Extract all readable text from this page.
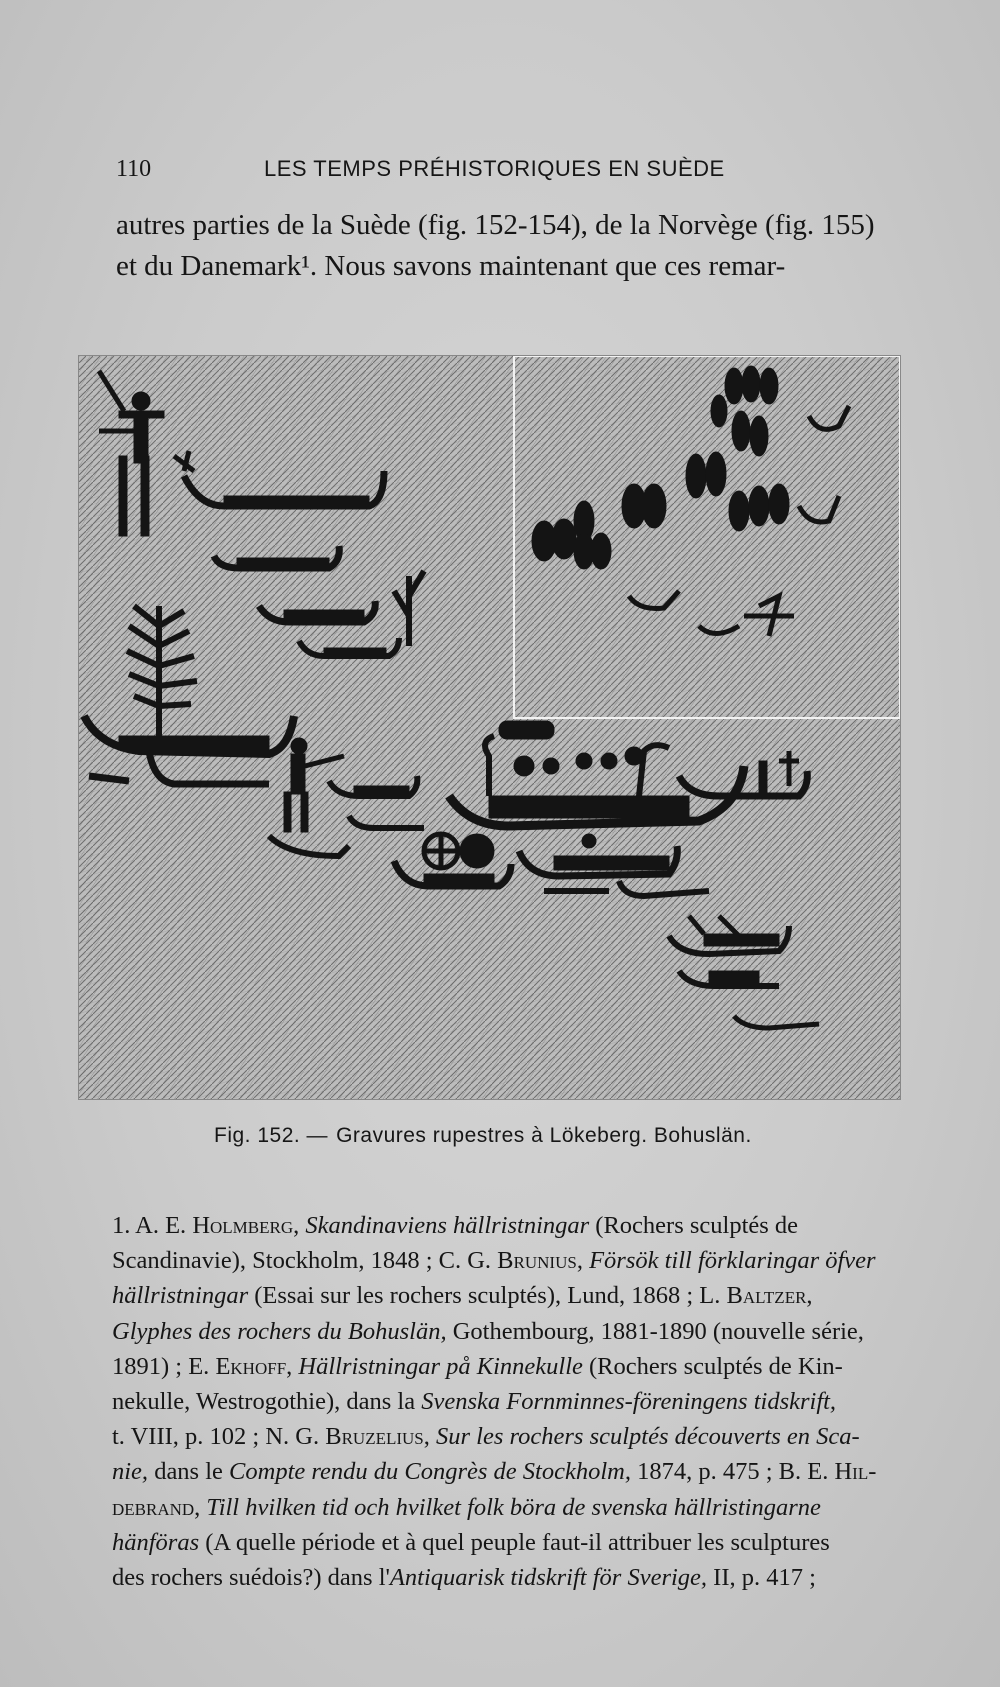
110	LES TEMPS PRÉHISTORIQUES EN SUÈDE

autres parties de la Suède (fig. 152-154), de la Norvège (fig. 155)

et du Danemark¹. Nous savons maintenant que ces remar-

Fig. 152. — Gravures rupestres à Lökeberg. Bohuslän.
1. A. E. Holmberg, Skandinaviens hällristningar (Rochers sculptés de
Scandinavie), Stockholm, 1848 ; C. G. Brunius, Försök till förklaringar öfver
hällristningar (Essai sur les rochers sculptés), Lund, 1868 ; L. Baltzer,
Glyphes des rochers du Bohuslän, Gothembourg, 1881-1890 (nouvelle série,
1891) ; E. Ekhoff, Hällristningar på Kinnekulle (Rochers sculptés de Kin-
nekulle, Westrogothie), dans la Svenska Fornminnes-föreningens tidskrift,
t. VIII, p. 102 ; N. G. Bruzelius, Sur les rochers sculptés découverts en Sca-
nie, dans le Compte rendu du Congrès de Stockholm, 1874, p. 475 ; B. E. Hil-
debrand, Till hvilken tid och hvilket folk böra de svenska hällristingarne
hänföras (A quelle période et à quel peuple faut-il attribuer les sculptures
des rochers suédois?) dans l'Antiquarisk tidskrift för Sverige, II, p. 417 ;
